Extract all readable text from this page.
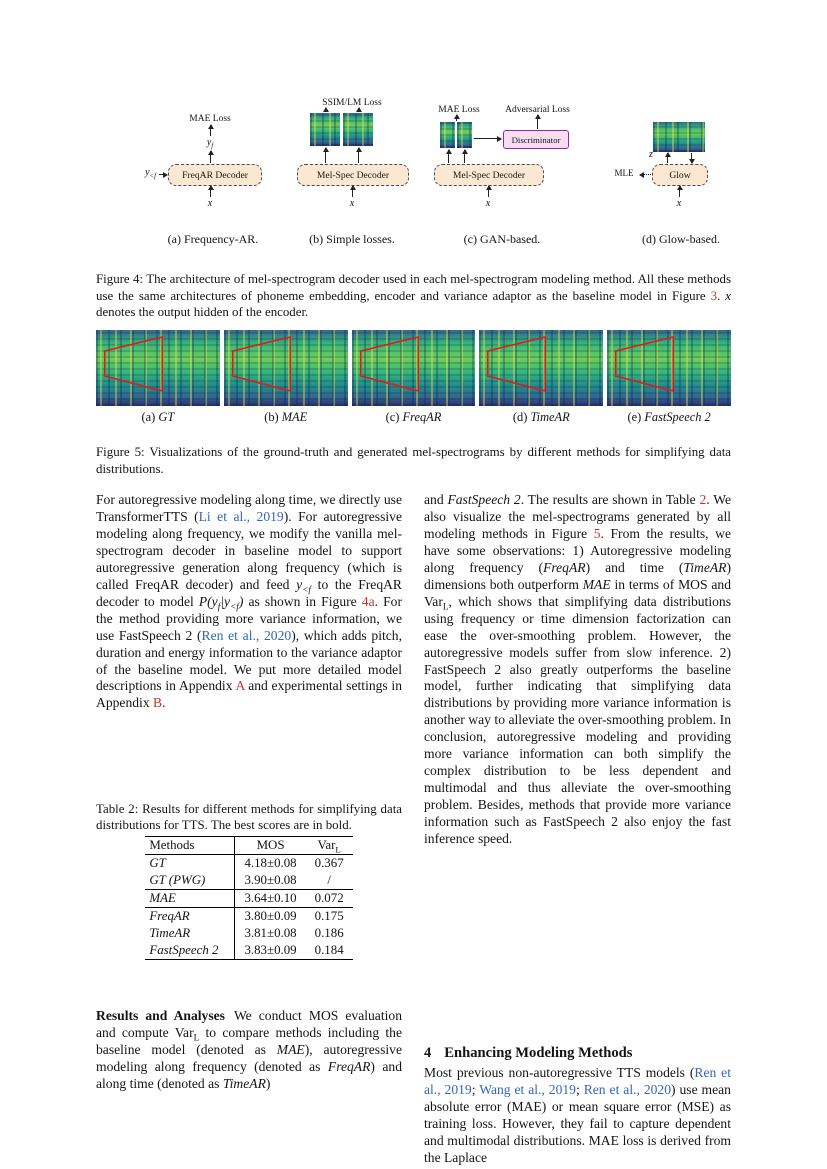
MAE Loss
$y_f$
FreqAR Decoder
$y_{<f}$
x
SSIM/LM Loss
Mel-Spec Decoder
x
MAE Loss	Adversarial Loss
Discriminator
Mel-Spec Decoder
x
z
Glow
MLE
x
(a) Frequency-AR.	(b) Simple losses.	(c) GAN-based.	(d) Glow-based.

Figure 4: The architecture of mel-spectrogram decoder used in each mel-spectrogram modeling method. All these methods use the same architectures of phoneme embedding, encoder and variance adaptor as the baseline model in Figure 3. x denotes the output hidden of the encoder.

(a) GT	(b) MAE	(c) FreqAR	(d) TimeAR	(e) FastSpeech 2

Figure 5: Visualizations of the ground-truth and generated mel-spectrograms by different methods for simplifying data distributions.

For autoregressive modeling along time, we directly use TransformerTTS (Li et al., 2019). For autoregressive modeling along frequency, we modify the vanilla mel-spectrogram decoder in baseline model to support autoregressive generation along frequency (which is called FreqAR decoder) and feed $y_{<f}$ to the FreqAR decoder to model $P(y_f|y_{<f})$ as shown in Figure 4a. For the method providing more variance information, we use FastSpeech 2 (Ren et al., 2020), which adds pitch, duration and energy information to the variance adaptor of the baseline model. We put more detailed model descriptions in Appendix A and experimental settings in Appendix B.

Table 2: Results for different methods for simplifying data distributions for TTS. The best scores are in bold.

Methods	MOS	Var$_L$
GT	4.18±0.08	0.367
GT (PWG)	3.90±0.08	/
MAE	3.64±0.10	0.072
FreqAR	3.80±0.09	0.175
TimeAR	3.81±0.08	0.186
FastSpeech 2	3.83±0.09	0.184

Results and Analyses We conduct MOS evaluation and compute Var$_L$ to compare methods including the baseline model (denoted as MAE), autoregressive modeling along frequency (denoted as FreqAR) and along time (denoted as TimeAR)

and FastSpeech 2. The results are shown in Table 2. We also visualize the mel-spectrograms generated by all modeling methods in Figure 5. From the results, we have some observations: 1) Autoregressive modeling along frequency (FreqAR) and time (TimeAR) dimensions both outperform MAE in terms of MOS and Var$_L$, which shows that simplifying data distributions using frequency or time dimension factorization can ease the over-smoothing problem. However, the autoregressive models suffer from slow inference. 2) FastSpeech 2 also greatly outperforms the baseline model, further indicating that simplifying data distributions by providing more variance information is another way to alleviate the over-smoothing problem. In conclusion, autoregressive modeling and providing more variance information can both simplify the complex distribution to be less dependent and multimodal and thus alleviate the over-smoothing problem. Besides, methods that provide more variance information such as FastSpeech 2 also enjoy the fast inference speed.

4 Enhancing Modeling Methods

Most previous non-autoregressive TTS models (Ren et al., 2019; Wang et al., 2019; Ren et al., 2020) use mean absolute error (MAE) or mean square error (MSE) as training loss. However, they fail to capture dependent and multimodal distributions. MAE loss is derived from the Laplace
